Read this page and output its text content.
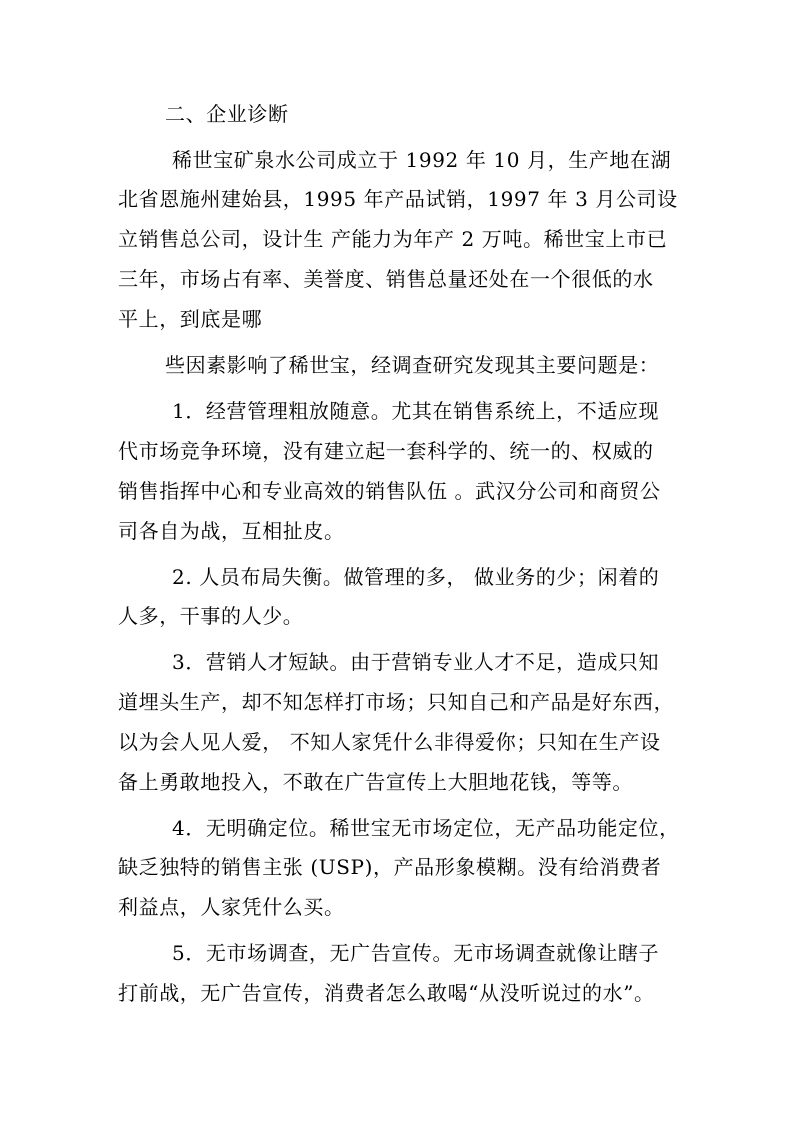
二、企业诊断
稀世宝矿泉水公司成立于 1992 年 10 月，生产地在湖
北省恩施州建始县，1995 年产品试销，1997 年 3 月公司设
立销售总公司，设计生 产能力为年产 2 万吨。稀世宝上市已
三年，市场占有率、美誉度、销售总量还处在一个很低的水
平上，到底是哪
些因素影响了稀世宝，经调查研究发现其主要问题是：
1．经营管理粗放随意。尤其在销售系统上，不适应现
代市场竞争环境，没有建立起一套科学的、统一的、权威的
销售指挥中心和专业高效的销售队伍 。武汉分公司和商贸公
司各自为战，互相扯皮。
2. 人员布局失衡。做管理的多， 做业务的少；闲着的
人多，干事的人少。
3．营销人才短缺。由于营销专业人才不足，造成只知
道埋头生产，却不知怎样打市场；只知自己和产品是好东西，
以为会人见人爱， 不知人家凭什么非得爱你；只知在生产设
备上勇敢地投入，不敢在广告宣传上大胆地花钱，等等。
4．无明确定位。稀世宝无市场定位，无产品功能定位，
缺乏独特的销售主张 (USP)，产品形象模糊。没有给消费者
利益点，人家凭什么买。
5．无市场调查，无广告宣传。无市场调查就像让瞎子
打前战，无广告宣传，消费者怎么敢喝“从没听说过的水”。
